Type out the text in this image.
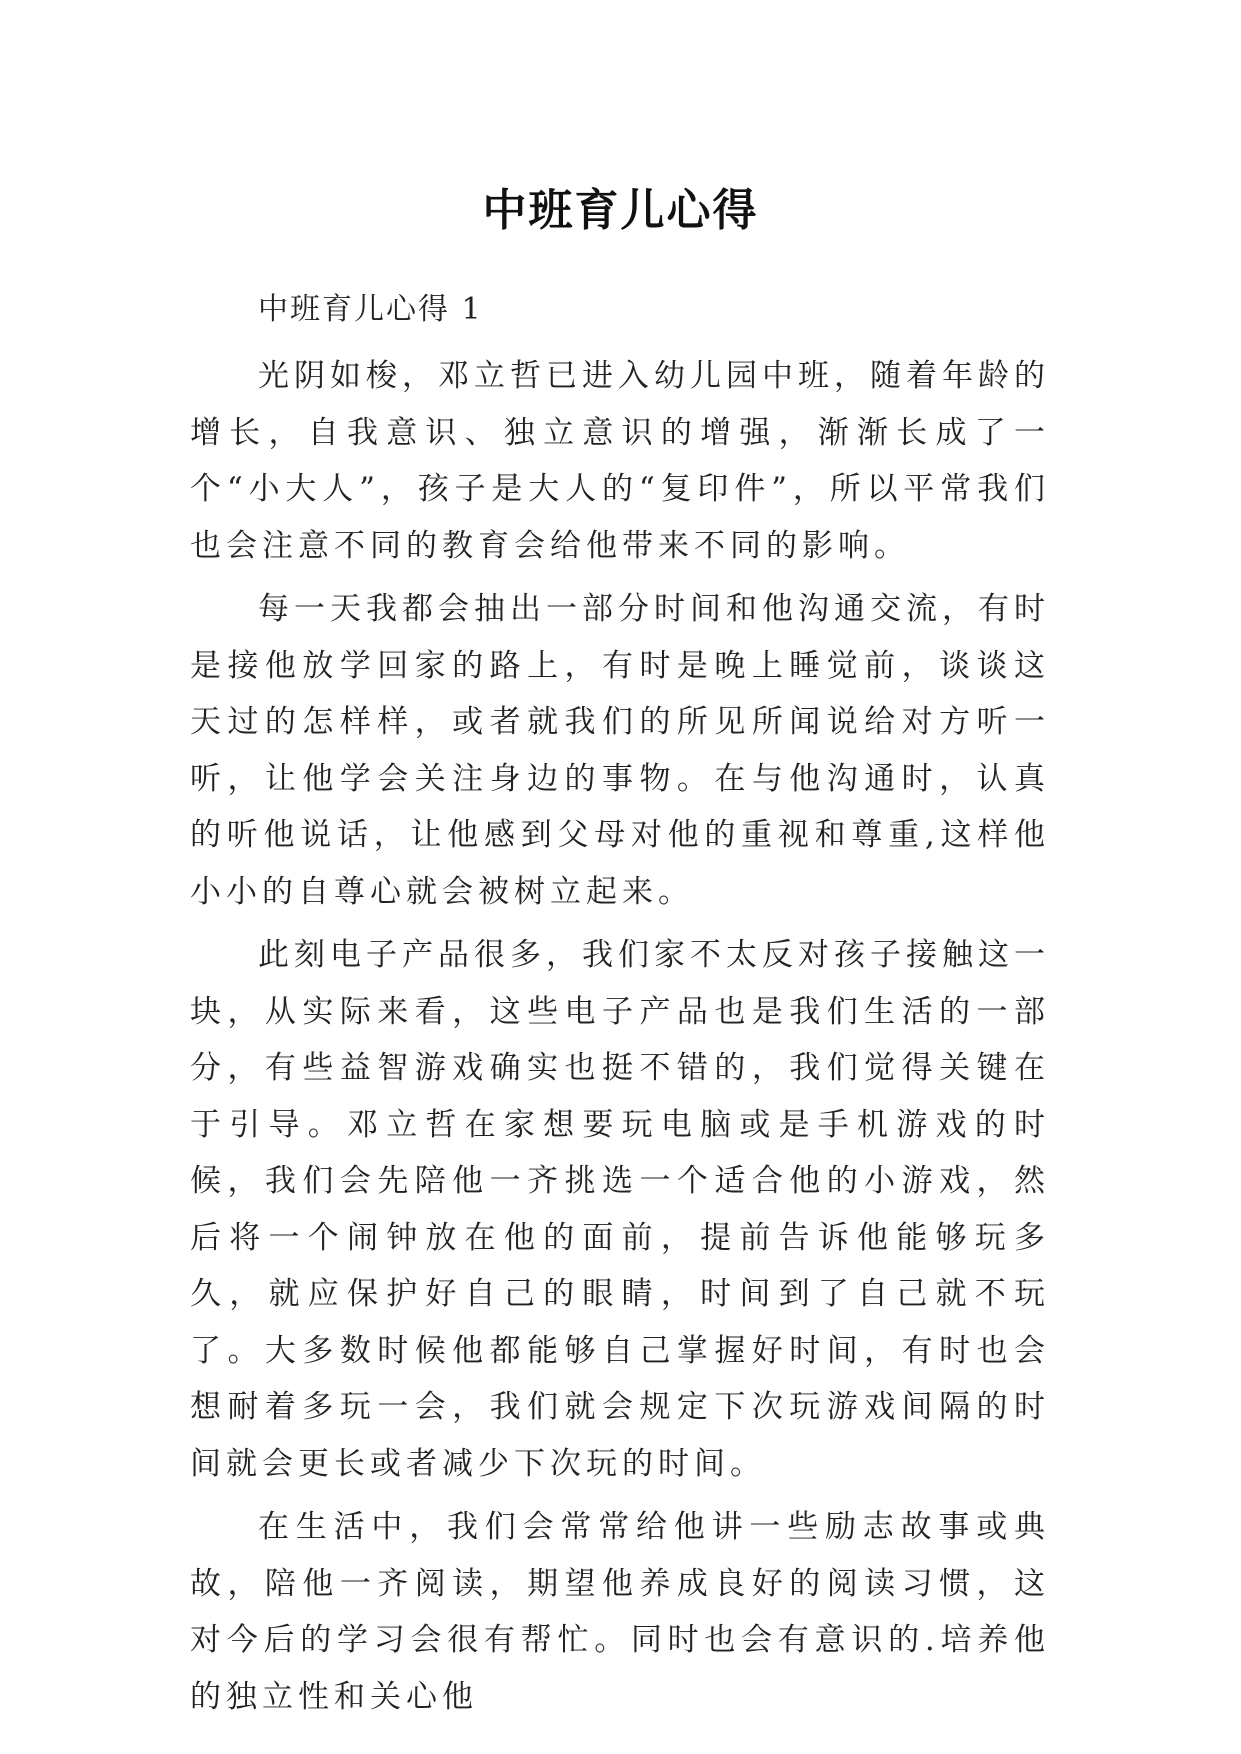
中班育儿心得

中班育儿心得 1

光阴如梭，邓立哲已进入幼儿园中班，随着年龄的增长，自我意识、独立意识的增强，渐渐长成了一个“小大人”，孩子是大人的“复印件”，所以平常我们也会注意不同的教育会给他带来不同的影响。

每一天我都会抽出一部分时间和他沟通交流，有时是接他放学回家的路上，有时是晚上睡觉前，谈谈这天过的怎样样，或者就我们的所见所闻说给对方听一听，让他学会关注身边的事物。在与他沟通时，认真的听他说话，让他感到父母对他的重视和尊重,这样他小小的自尊心就会被树立起来。

此刻电子产品很多，我们家不太反对孩子接触这一块，从实际来看，这些电子产品也是我们生活的一部分，有些益智游戏确实也挺不错的，我们觉得关键在于引导。邓立哲在家想要玩电脑或是手机游戏的时候，我们会先陪他一齐挑选一个适合他的小游戏，然后将一个闹钟放在他的面前，提前告诉他能够玩多久，就应保护好自己的眼睛，时间到了自己就不玩了。大多数时候他都能够自己掌握好时间，有时也会想耐着多玩一会，我们就会规定下次玩游戏间隔的时间就会更长或者减少下次玩的时间。

在生活中，我们会常常给他讲一些励志故事或典故，陪他一齐阅读，期望他养成良好的阅读习惯，这对今后的学习会很有帮忙。同时也会有意识的.培养他的独立性和关心他
